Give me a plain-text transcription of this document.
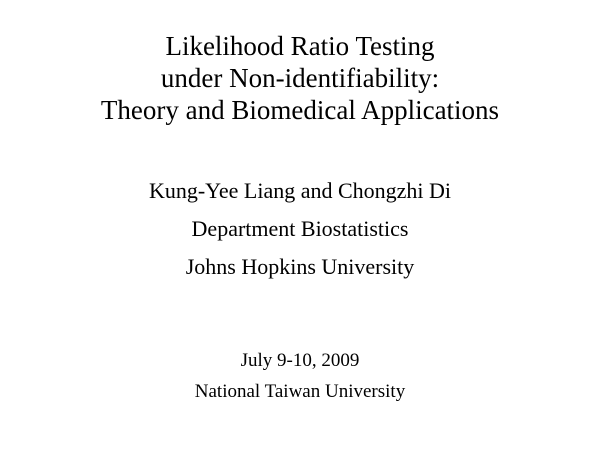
Likelihood Ratio Testing
under Non-identifiability:
Theory and Biomedical Applications
Kung-Yee Liang and Chongzhi Di
Department Biostatistics
Johns Hopkins University
July 9-10, 2009
National Taiwan University
